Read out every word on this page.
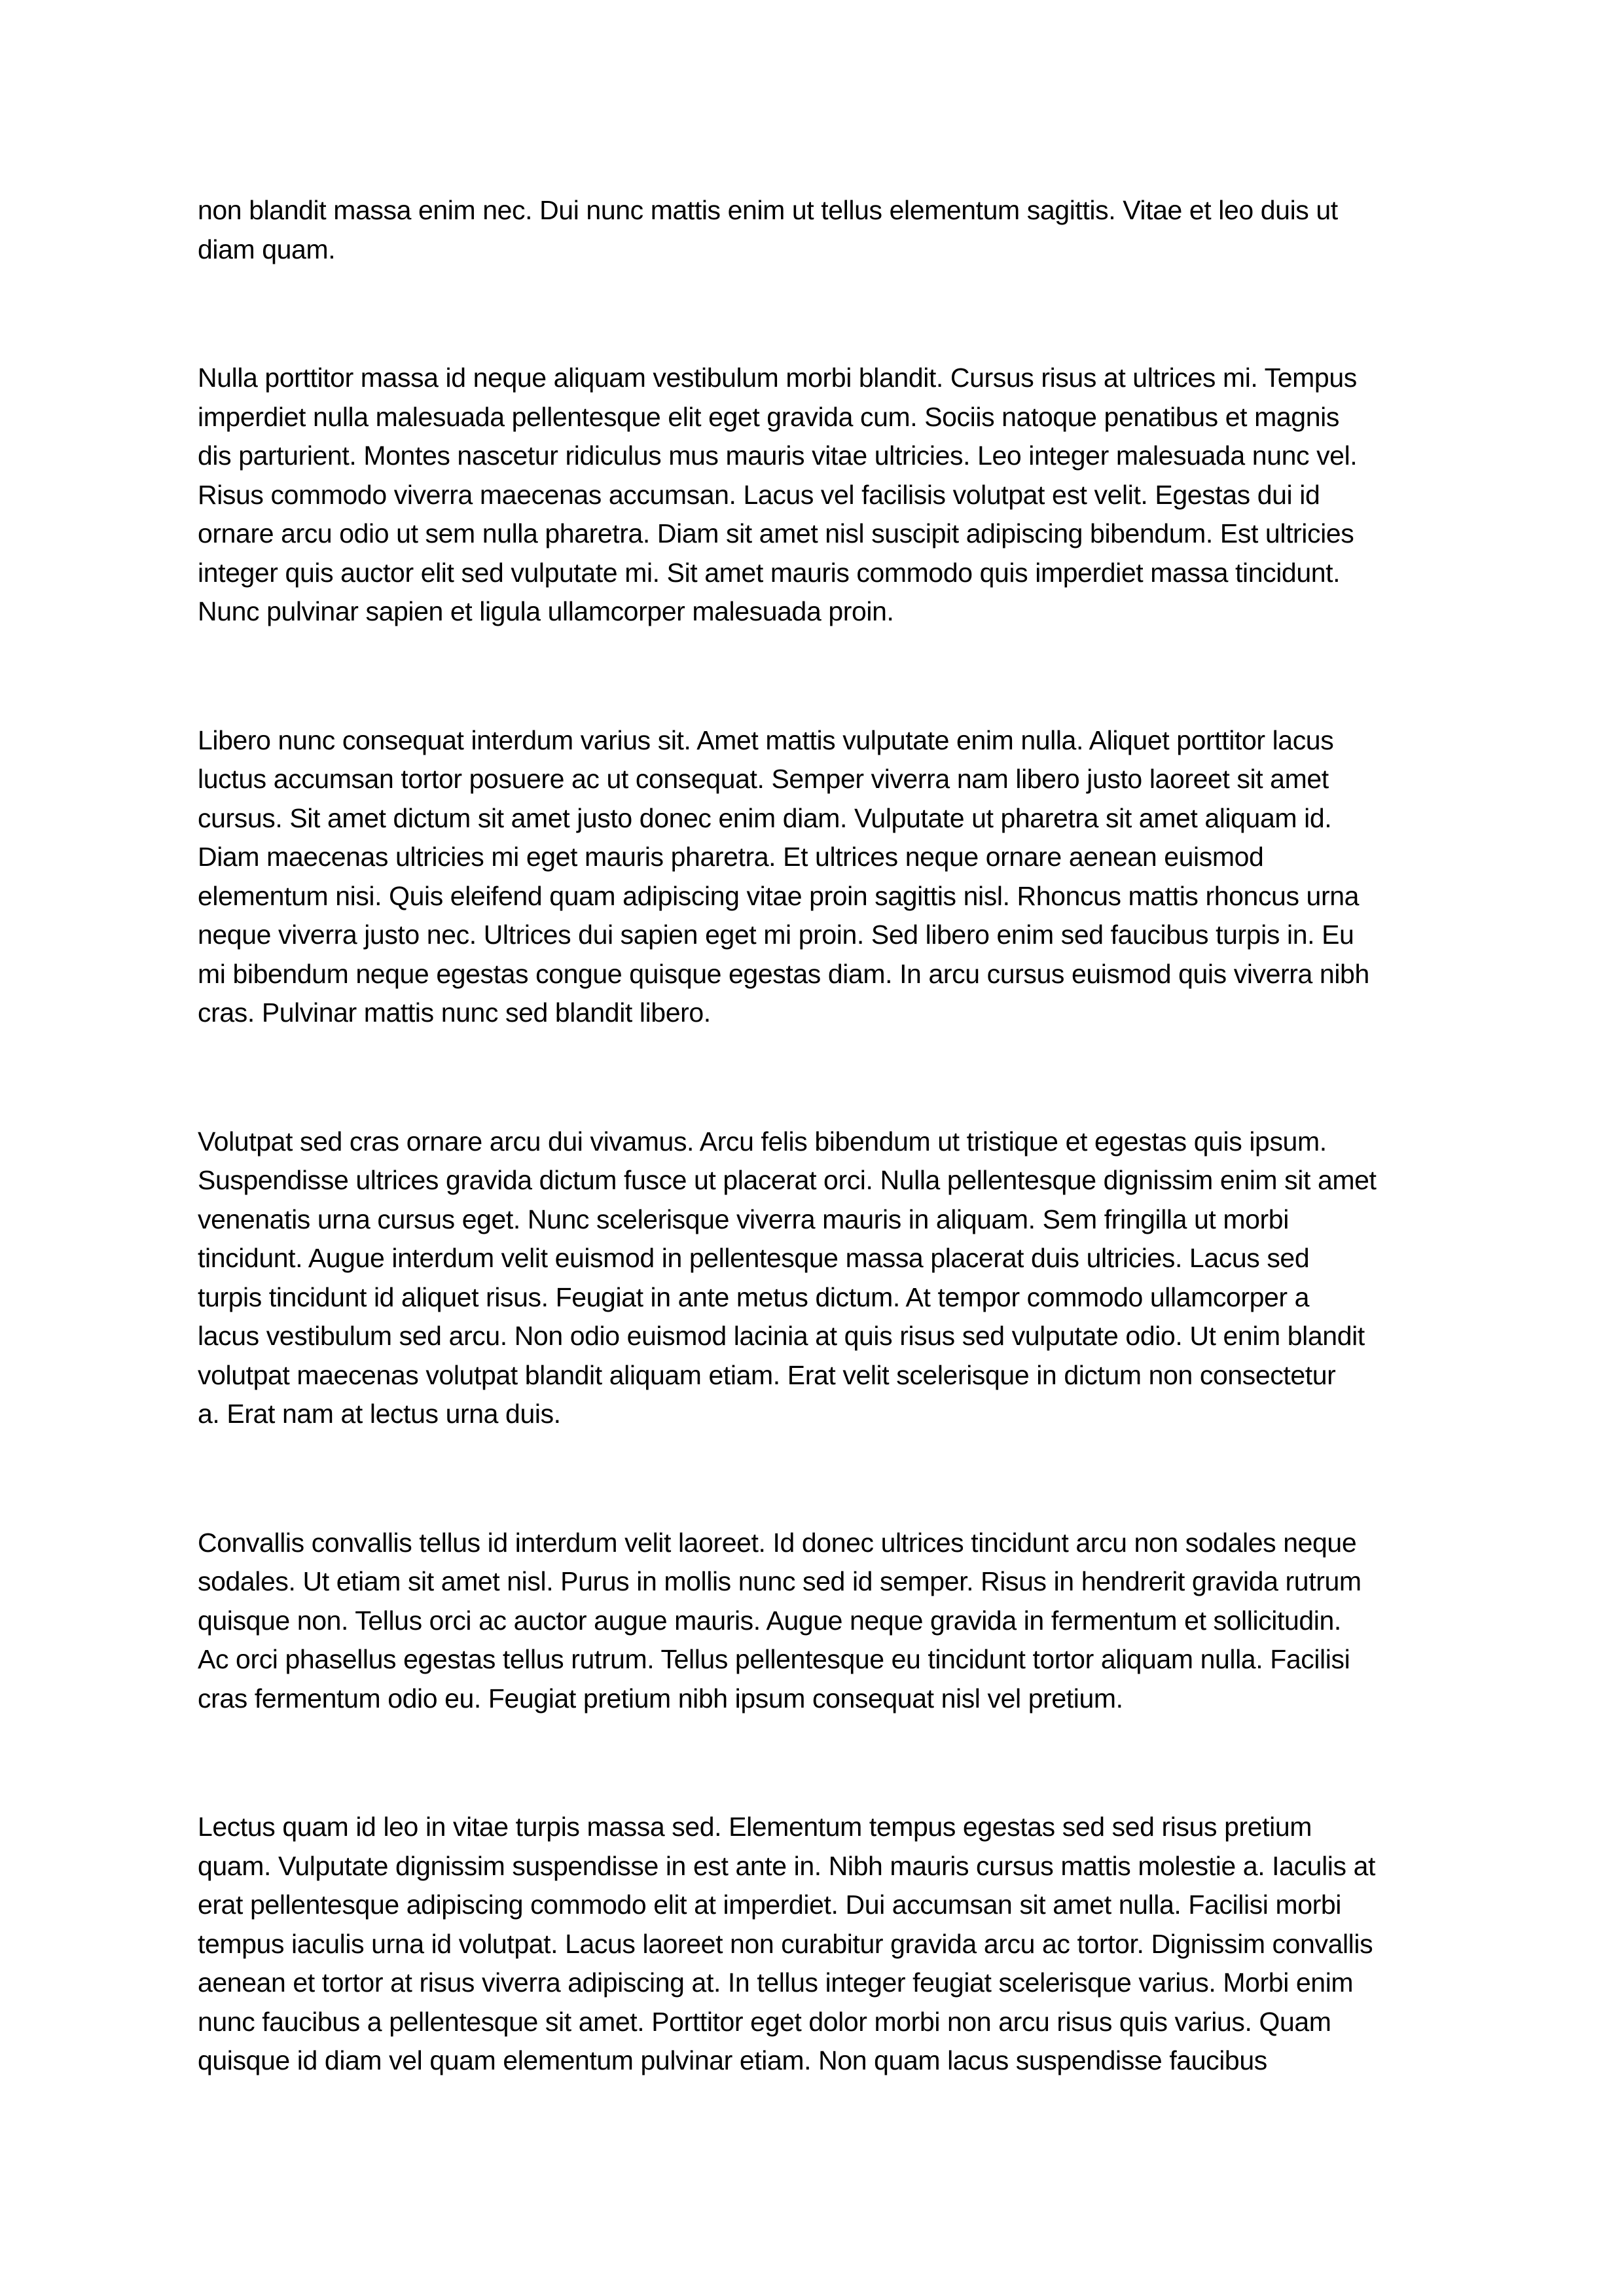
non blandit massa enim nec. Dui nunc mattis enim ut tellus elementum sagittis. Vitae et leo duis ut
diam quam.

Nulla porttitor massa id neque aliquam vestibulum morbi blandit. Cursus risus at ultrices mi. Tempus
imperdiet nulla malesuada pellentesque elit eget gravida cum. Sociis natoque penatibus et magnis
dis parturient. Montes nascetur ridiculus mus mauris vitae ultricies. Leo integer malesuada nunc vel.
Risus commodo viverra maecenas accumsan. Lacus vel facilisis volutpat est velit. Egestas dui id
ornare arcu odio ut sem nulla pharetra. Diam sit amet nisl suscipit adipiscing bibendum. Est ultricies
integer quis auctor elit sed vulputate mi. Sit amet mauris commodo quis imperdiet massa tincidunt.
Nunc pulvinar sapien et ligula ullamcorper malesuada proin.

Libero nunc consequat interdum varius sit. Amet mattis vulputate enim nulla. Aliquet porttitor lacus
luctus accumsan tortor posuere ac ut consequat. Semper viverra nam libero justo laoreet sit amet
cursus. Sit amet dictum sit amet justo donec enim diam. Vulputate ut pharetra sit amet aliquam id.
Diam maecenas ultricies mi eget mauris pharetra. Et ultrices neque ornare aenean euismod
elementum nisi. Quis eleifend quam adipiscing vitae proin sagittis nisl. Rhoncus mattis rhoncus urna
neque viverra justo nec. Ultrices dui sapien eget mi proin. Sed libero enim sed faucibus turpis in. Eu
mi bibendum neque egestas congue quisque egestas diam. In arcu cursus euismod quis viverra nibh
cras. Pulvinar mattis nunc sed blandit libero.

Volutpat sed cras ornare arcu dui vivamus. Arcu felis bibendum ut tristique et egestas quis ipsum.
Suspendisse ultrices gravida dictum fusce ut placerat orci. Nulla pellentesque dignissim enim sit amet
venenatis urna cursus eget. Nunc scelerisque viverra mauris in aliquam. Sem fringilla ut morbi
tincidunt. Augue interdum velit euismod in pellentesque massa placerat duis ultricies. Lacus sed
turpis tincidunt id aliquet risus. Feugiat in ante metus dictum. At tempor commodo ullamcorper a
lacus vestibulum sed arcu. Non odio euismod lacinia at quis risus sed vulputate odio. Ut enim blandit
volutpat maecenas volutpat blandit aliquam etiam. Erat velit scelerisque in dictum non consectetur
a. Erat nam at lectus urna duis.

Convallis convallis tellus id interdum velit laoreet. Id donec ultrices tincidunt arcu non sodales neque
sodales. Ut etiam sit amet nisl. Purus in mollis nunc sed id semper. Risus in hendrerit gravida rutrum
quisque non. Tellus orci ac auctor augue mauris. Augue neque gravida in fermentum et sollicitudin.
Ac orci phasellus egestas tellus rutrum. Tellus pellentesque eu tincidunt tortor aliquam nulla. Facilisi
cras fermentum odio eu. Feugiat pretium nibh ipsum consequat nisl vel pretium.

Lectus quam id leo in vitae turpis massa sed. Elementum tempus egestas sed sed risus pretium
quam. Vulputate dignissim suspendisse in est ante in. Nibh mauris cursus mattis molestie a. Iaculis at
erat pellentesque adipiscing commodo elit at imperdiet. Dui accumsan sit amet nulla. Facilisi morbi
tempus iaculis urna id volutpat. Lacus laoreet non curabitur gravida arcu ac tortor. Dignissim convallis
aenean et tortor at risus viverra adipiscing at. In tellus integer feugiat scelerisque varius. Morbi enim
nunc faucibus a pellentesque sit amet. Porttitor eget dolor morbi non arcu risus quis varius. Quam
quisque id diam vel quam elementum pulvinar etiam. Non quam lacus suspendisse faucibus
